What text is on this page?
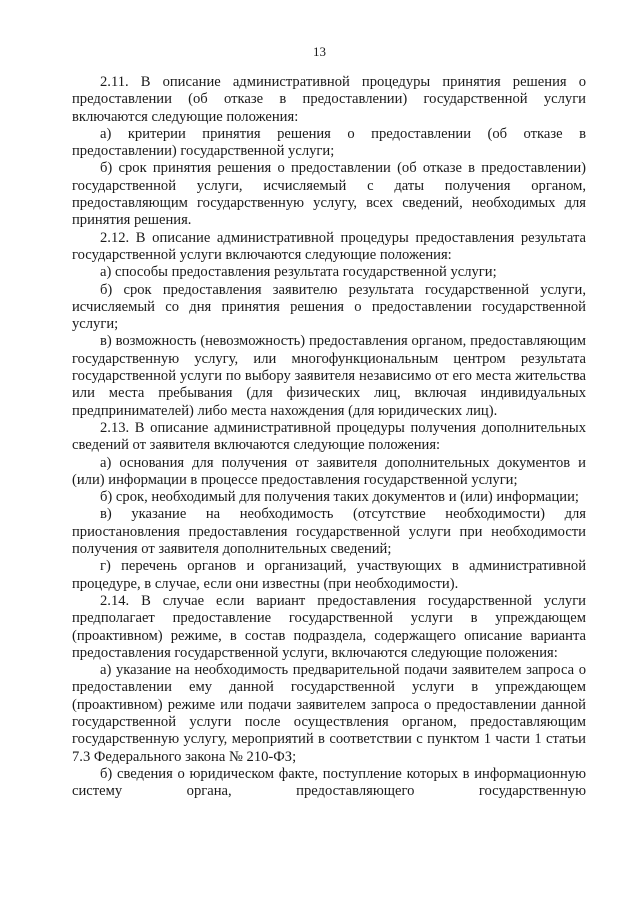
13

2.11. В описание административной процедуры принятия решения о предоставлении (об отказе в предоставлении) государственной услуги включаются следующие положения:

а) критерии принятия решения о предоставлении (об отказе в предоставлении) государственной услуги;

б) срок принятия решения о предоставлении (об отказе в предоставлении) государственной услуги, исчисляемый с даты получения органом, предоставляющим государственную услугу, всех сведений, необходимых для принятия решения.

2.12. В описание административной процедуры предоставления результата государственной услуги включаются следующие положения:

а) способы предоставления результата государственной услуги;

б) срок предоставления заявителю результата государственной услуги, исчисляемый со дня принятия решения о предоставлении государственной услуги;

в) возможность (невозможность) предоставления органом, предоставляющим государственную услугу, или многофункциональным центром результата государственной услуги по выбору заявителя независимо от его места жительства или места пребывания (для физических лиц, включая индивидуальных предпринимателей) либо места нахождения (для юридических лиц).

2.13. В описание административной процедуры получения дополнительных сведений от заявителя включаются следующие положения:

а) основания для получения от заявителя дополнительных документов и (или) информации в процессе предоставления государственной услуги;

б) срок, необходимый для получения таких документов и (или) информации;

в) указание на необходимость (отсутствие необходимости) для приостановления предоставления государственной услуги при необходимости получения от заявителя дополнительных сведений;

г) перечень органов и организаций, участвующих в административной процедуре, в случае, если они известны (при необходимости).

2.14. В случае если вариант предоставления государственной услуги предполагает предоставление государственной услуги в упреждающем (проактивном) режиме, в состав подраздела, содержащего описание варианта предоставления государственной услуги, включаются следующие положения:

а) указание на необходимость предварительной подачи заявителем запроса о предоставлении ему данной государственной услуги в упреждающем (проактивном) режиме или подачи заявителем запроса о предоставлении данной государственной услуги после осуществления органом, предоставляющим государственную услугу, мероприятий в соответствии с пунктом 1 части 1 статьи 7.3 Федерального закона № 210-ФЗ;

б) сведения о юридическом факте, поступление которых в информационную систему органа, предоставляющего государственную
